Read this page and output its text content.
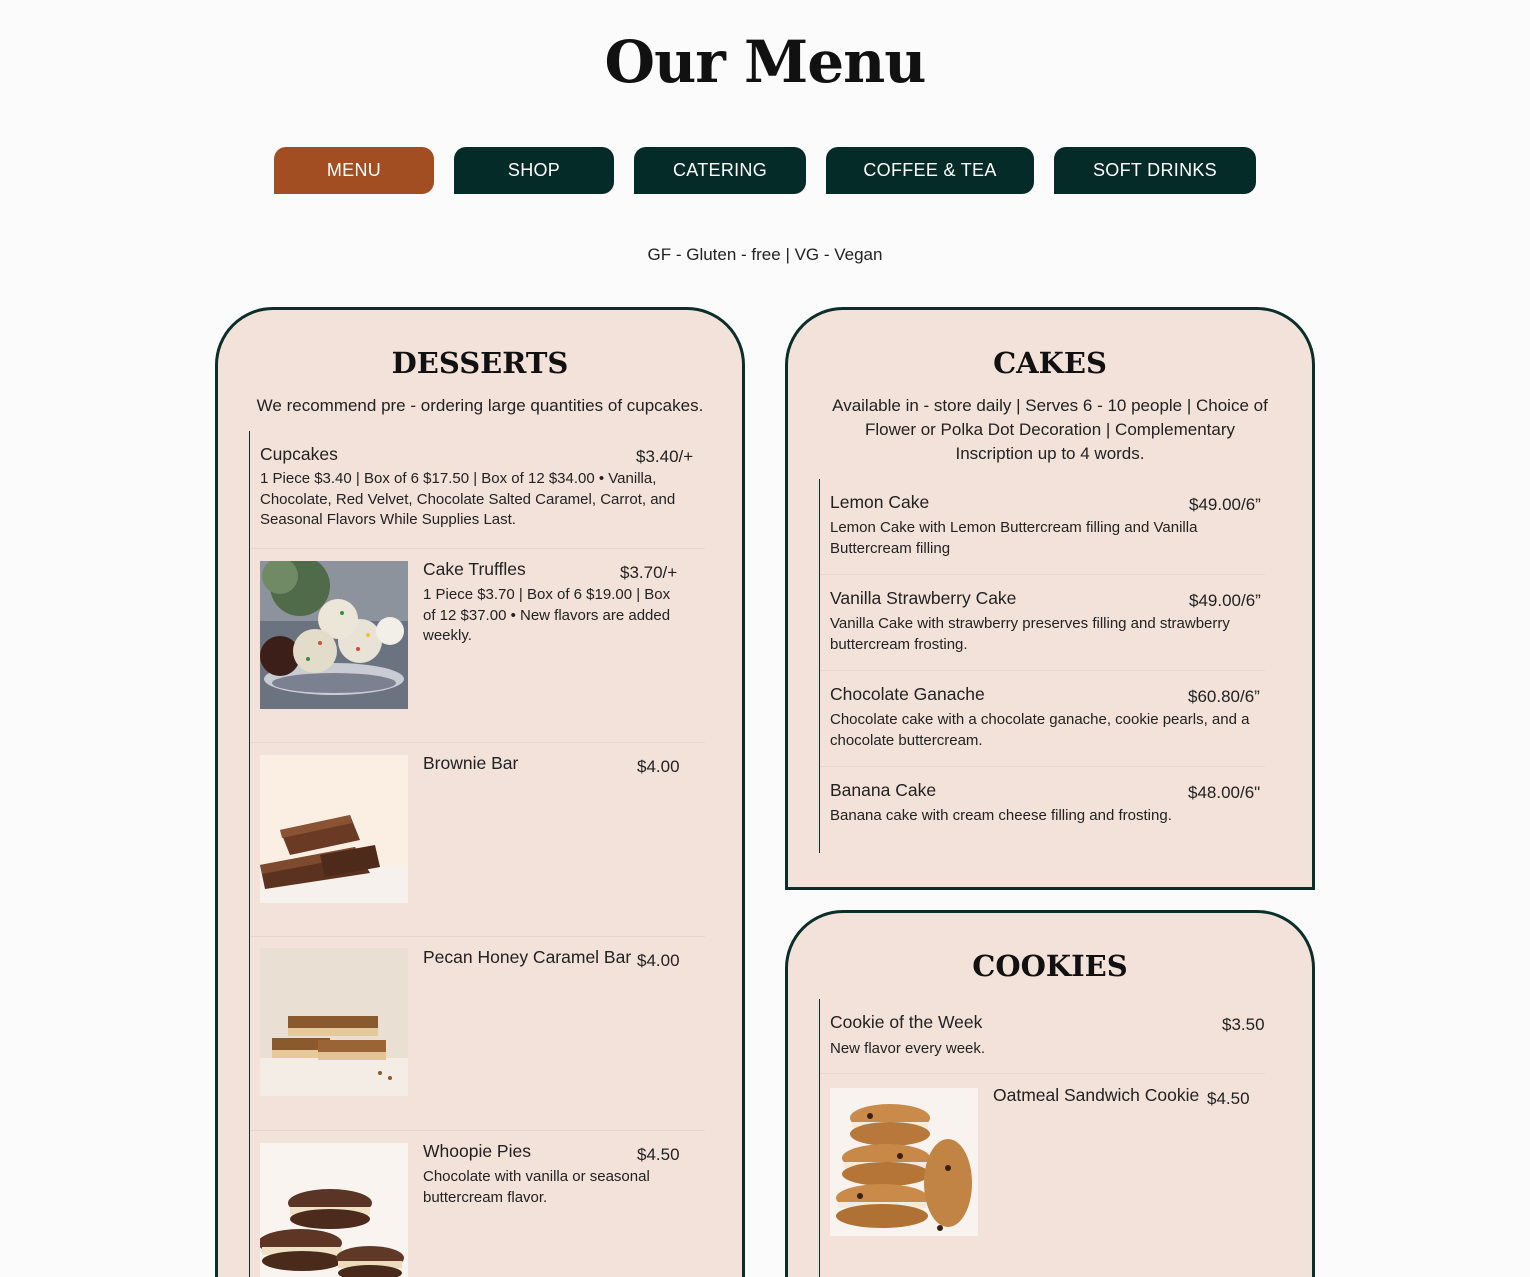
Our Menu
MENU	SHOP	CATERING	COFFEE & TEA	SOFT DRINKS
GF - Gluten - free | VG - Vegan
DESSERTS
We recommend pre - ordering large quantities of cupcakes.
Cupcakes	$3.40/+
1 Piece $3.40 | Box of 6 $17.50 | Box of 12 $34.00 • Vanilla, Chocolate, Red Velvet, Chocolate Salted Caramel, Carrot, and Seasonal Flavors While Supplies Last.
Cake Truffles	$3.70/+
1 Piece $3.70 | Box of 6 $19.00 | Box of 12 $37.00 • New flavors are added weekly.
Brownie Bar	$4.00
Pecan Honey Caramel Bar $4.00
Whoopie Pies	$4.50
Chocolate with vanilla or seasonal buttercream flavor.
CAKES
Available in - store daily | Serves 6 - 10 people | Choice of Flower or Polka Dot Decoration | Complementary Inscription up to 4 words.
Lemon Cake	$49.00/6”
Lemon Cake with Lemon Buttercream filling and Vanilla Buttercream filling
Vanilla Strawberry Cake	$49.00/6”
Vanilla Cake with strawberry preserves filling and strawberry buttercream frosting.
Chocolate Ganache	$60.80/6”
Chocolate cake with a chocolate ganache, cookie pearls, and a chocolate buttercream.
Banana Cake	$48.00/6"
Banana cake with cream cheese filling and frosting.
COOKIES
Cookie of the Week	$3.50
New flavor every week.
Oatmeal Sandwich Cookie $4.50
